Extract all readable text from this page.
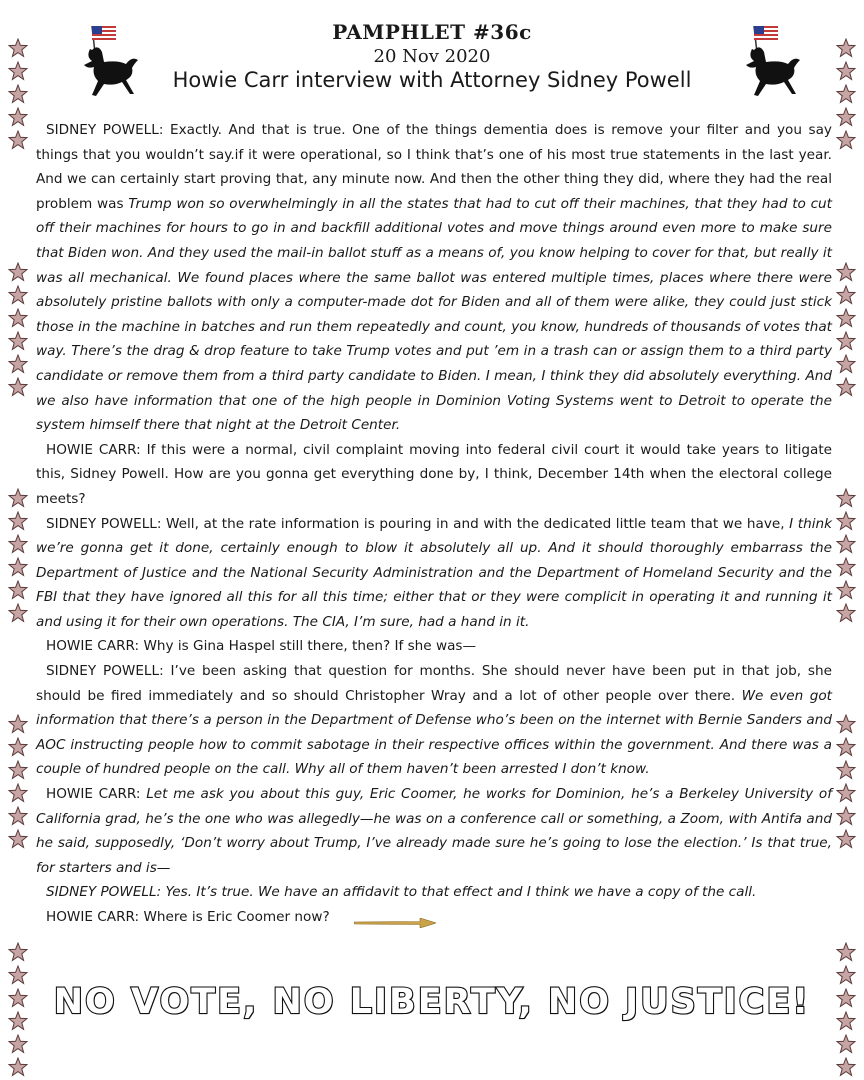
PAMPHLET #36c
20 Nov 2020
Howie Carr interview with Attorney Sidney Powell

SIDNEY POWELL: Exactly. And that is true. One of the things dementia does is remove your filter and you say things that you wouldn’t say.if it were operational, so I think that’s one of his most true statements in the last year. And we can certainly start proving that, any minute now. And then the other thing they did, where they had the real problem was Trump won so overwhelmingly in all the states that had to cut off their machines, that they had to cut off their machines for hours to go in and backfill additional votes and move things around even more to make sure that Biden won. And they used the mail-in ballot stuff as a means of, you know helping to cover for that, but really it was all mechanical. We found places where the same ballot was entered multiple times, places where there were absolutely pristine ballots with only a computer-made dot for Biden and all of them were alike, they could just stick those in the machine in batches and run them repeatedly and count, you know, hundreds of thousands of votes that way. There’s the drag & drop feature to take Trump votes and put ’em in a trash can or assign them to a third party candidate or remove them from a third party candidate to Biden. I mean, I think they did absolutely everything. And we also have information that one of the high people in Dominion Voting Systems went to Detroit to operate the system himself there that night at the Detroit Center.

HOWIE CARR: If this were a normal, civil complaint moving into federal civil court it would take years to litigate this, Sidney Powell. How are you gonna get everything done by, I think, December 14th when the electoral college meets?

SIDNEY POWELL: Well, at the rate information is pouring in and with the dedicated little team that we have, I think we’re gonna get it done, certainly enough to blow it absolutely all up. And it should thoroughly embarrass the Department of Justice and the National Security Administration and the Department of Homeland Security and the FBI that they have ignored all this for all this time; either that or they were complicit in operating it and running it and using it for their own operations. The CIA, I’m sure, had a hand in it.

HOWIE CARR: Why is Gina Haspel still there, then? If she was—

SIDNEY POWELL: I’ve been asking that question for months. She should never have been put in that job, she should be fired immediately and so should Christopher Wray and a lot of other people over there. We even got information that there’s a person in the Department of Defense who’s been on the internet with Bernie Sanders and AOC instructing people how to commit sabotage in their respective offices within the government. And there was a couple of hundred people on the call. Why all of them haven’t been arrested I don’t know.

HOWIE CARR: Let me ask you about this guy, Eric Coomer, he works for Dominion, he’s a Berkeley University of California grad, he’s the one who was allegedly—he was on a conference call or something, a Zoom, with Antifa and he said, supposedly, ‘Don’t worry about Trump, I’ve already made sure he’s going to lose the election.’ Is that true, for starters and is—

SIDNEY POWELL: Yes. It’s true. We have an affidavit to that effect and I think we have a copy of the call.

HOWIE CARR: Where is Eric Coomer now?

NO VOTE, NO LIBERTY, NO JUSTICE!
